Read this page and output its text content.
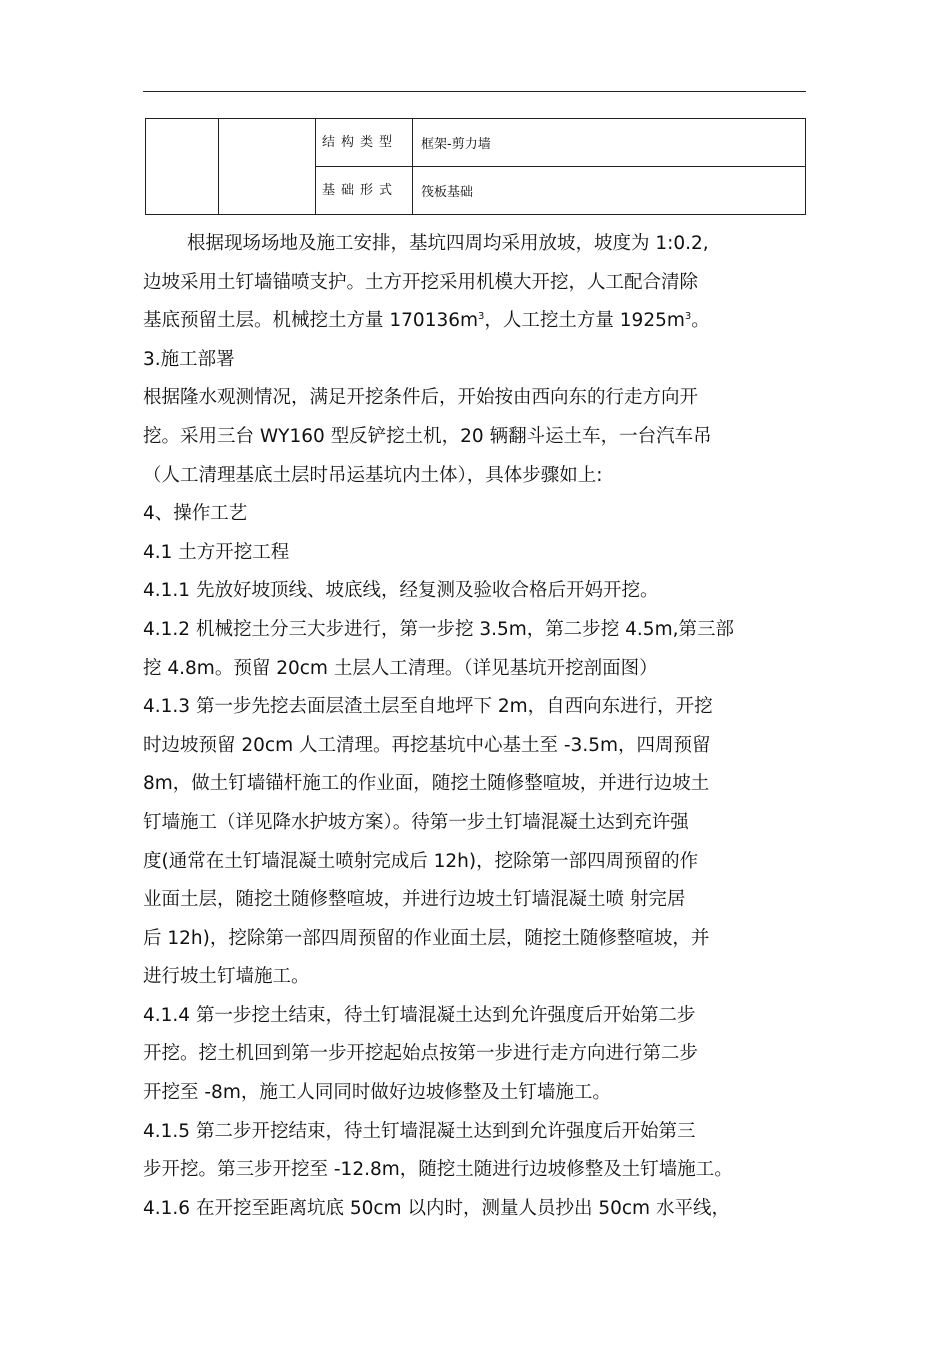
		结构类型	框架-剪力墙
		基础形式	筏板基础

根据现场场地及施工安排，基坑四周均采用放坡，坡度为 1:0.2,

边坡采用土钉墙锚喷支护。土方开挖采用机模大开挖，人工配合清除

基底预留土层。机械挖土方量 $170136m^3$，人工挖土方量 $1925m^3$。

3.施工部署

根据隆水观测情况，满足开挖条件后，开始按由西向东的行走方向开

挖。采用三台 WY160 型反铲挖土机，20 辆翻斗运土车，一台汽车吊

（人工清理基底土层时吊运基坑内土体），具体步骤如上:

4、操作工艺

4.1 土方开挖工程

4.1.1 先放好坡顶线、坡底线，经复测及验收合格后开妈开挖。

4.1.2 机械挖土分三大步进行，第一步挖 3.5m，第二步挖 4.5m,第三部

挖 4.8m。预留 20cm 土层人工清理。（详见基坑开挖剖面图）

4.1.3 第一步先挖去面层渣土层至自地坪下 2m，自西向东进行，开挖

时边坡预留 20cm 人工清理。再挖基坑中心基土至 -3.5m，四周预留

8m，做土钉墙锚杆施工的作业面，随挖土随修整喧坡，并进行边坡土

钉墙施工（详见降水护坡方案）。待第一步土钉墙混凝土达到充许强

度(通常在土钉墙混凝土喷射完成后 12h)，挖除第一部四周预留的作

业面土层，随挖土随修整喧坡，并进行边坡土钉墙混凝土喷 射完居

后 12h)，挖除第一部四周预留的作业面土层，随挖土随修整喧坡，并

进行坡土钉墙施工。

4.1.4 第一步挖土结束，待土钉墙混凝土达到允许强度后开始第二步

开挖。挖土机回到第一步开挖起始点按第一步进行走方向进行第二步

开挖至 -8m，施工人同同时做好边坡修整及土钉墙施工。

4.1.5 第二步开挖结束，待土钉墙混凝土达到到允许强度后开始第三

步开挖。第三步开挖至 -12.8m，随挖土随进行边坡修整及土钉墙施工。

4.1.6 在开挖至距离坑底 50cm 以内时，测量人员抄出 50cm 水平线，
